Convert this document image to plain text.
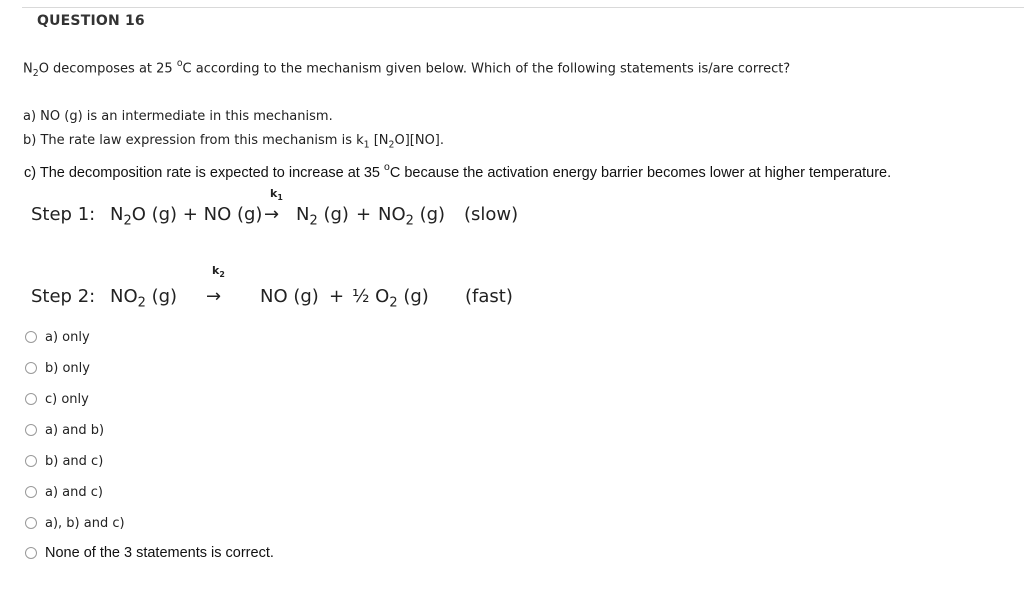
QUESTION 16
$N_2O$ decomposes at 25 $^o$C according to the mechanism given below. Which of the following statements is/are correct?
a) NO (g) is an intermediate in this mechanism.
b) The rate law expression from this mechanism is $k_1$ $[N_2O][NO]$.
c) The decomposition rate is expected to increase at 35 $^o$C because the activation energy barrier becomes lower at higher temperature.
Step 1: $N_2O$ (g) + NO (g)
$k_1$
→ $N_2$ $(g) + NO_2$ (g) (slow)
Step 2: $NO_2$ (g)
$k_2$
→ NO (g) + ½ $O_2$ (g) (fast)
a) only
b) only
c) only
a) and b)
b) and c)
a) and c)
a), b) and c)
None of the 3 statements is correct.
